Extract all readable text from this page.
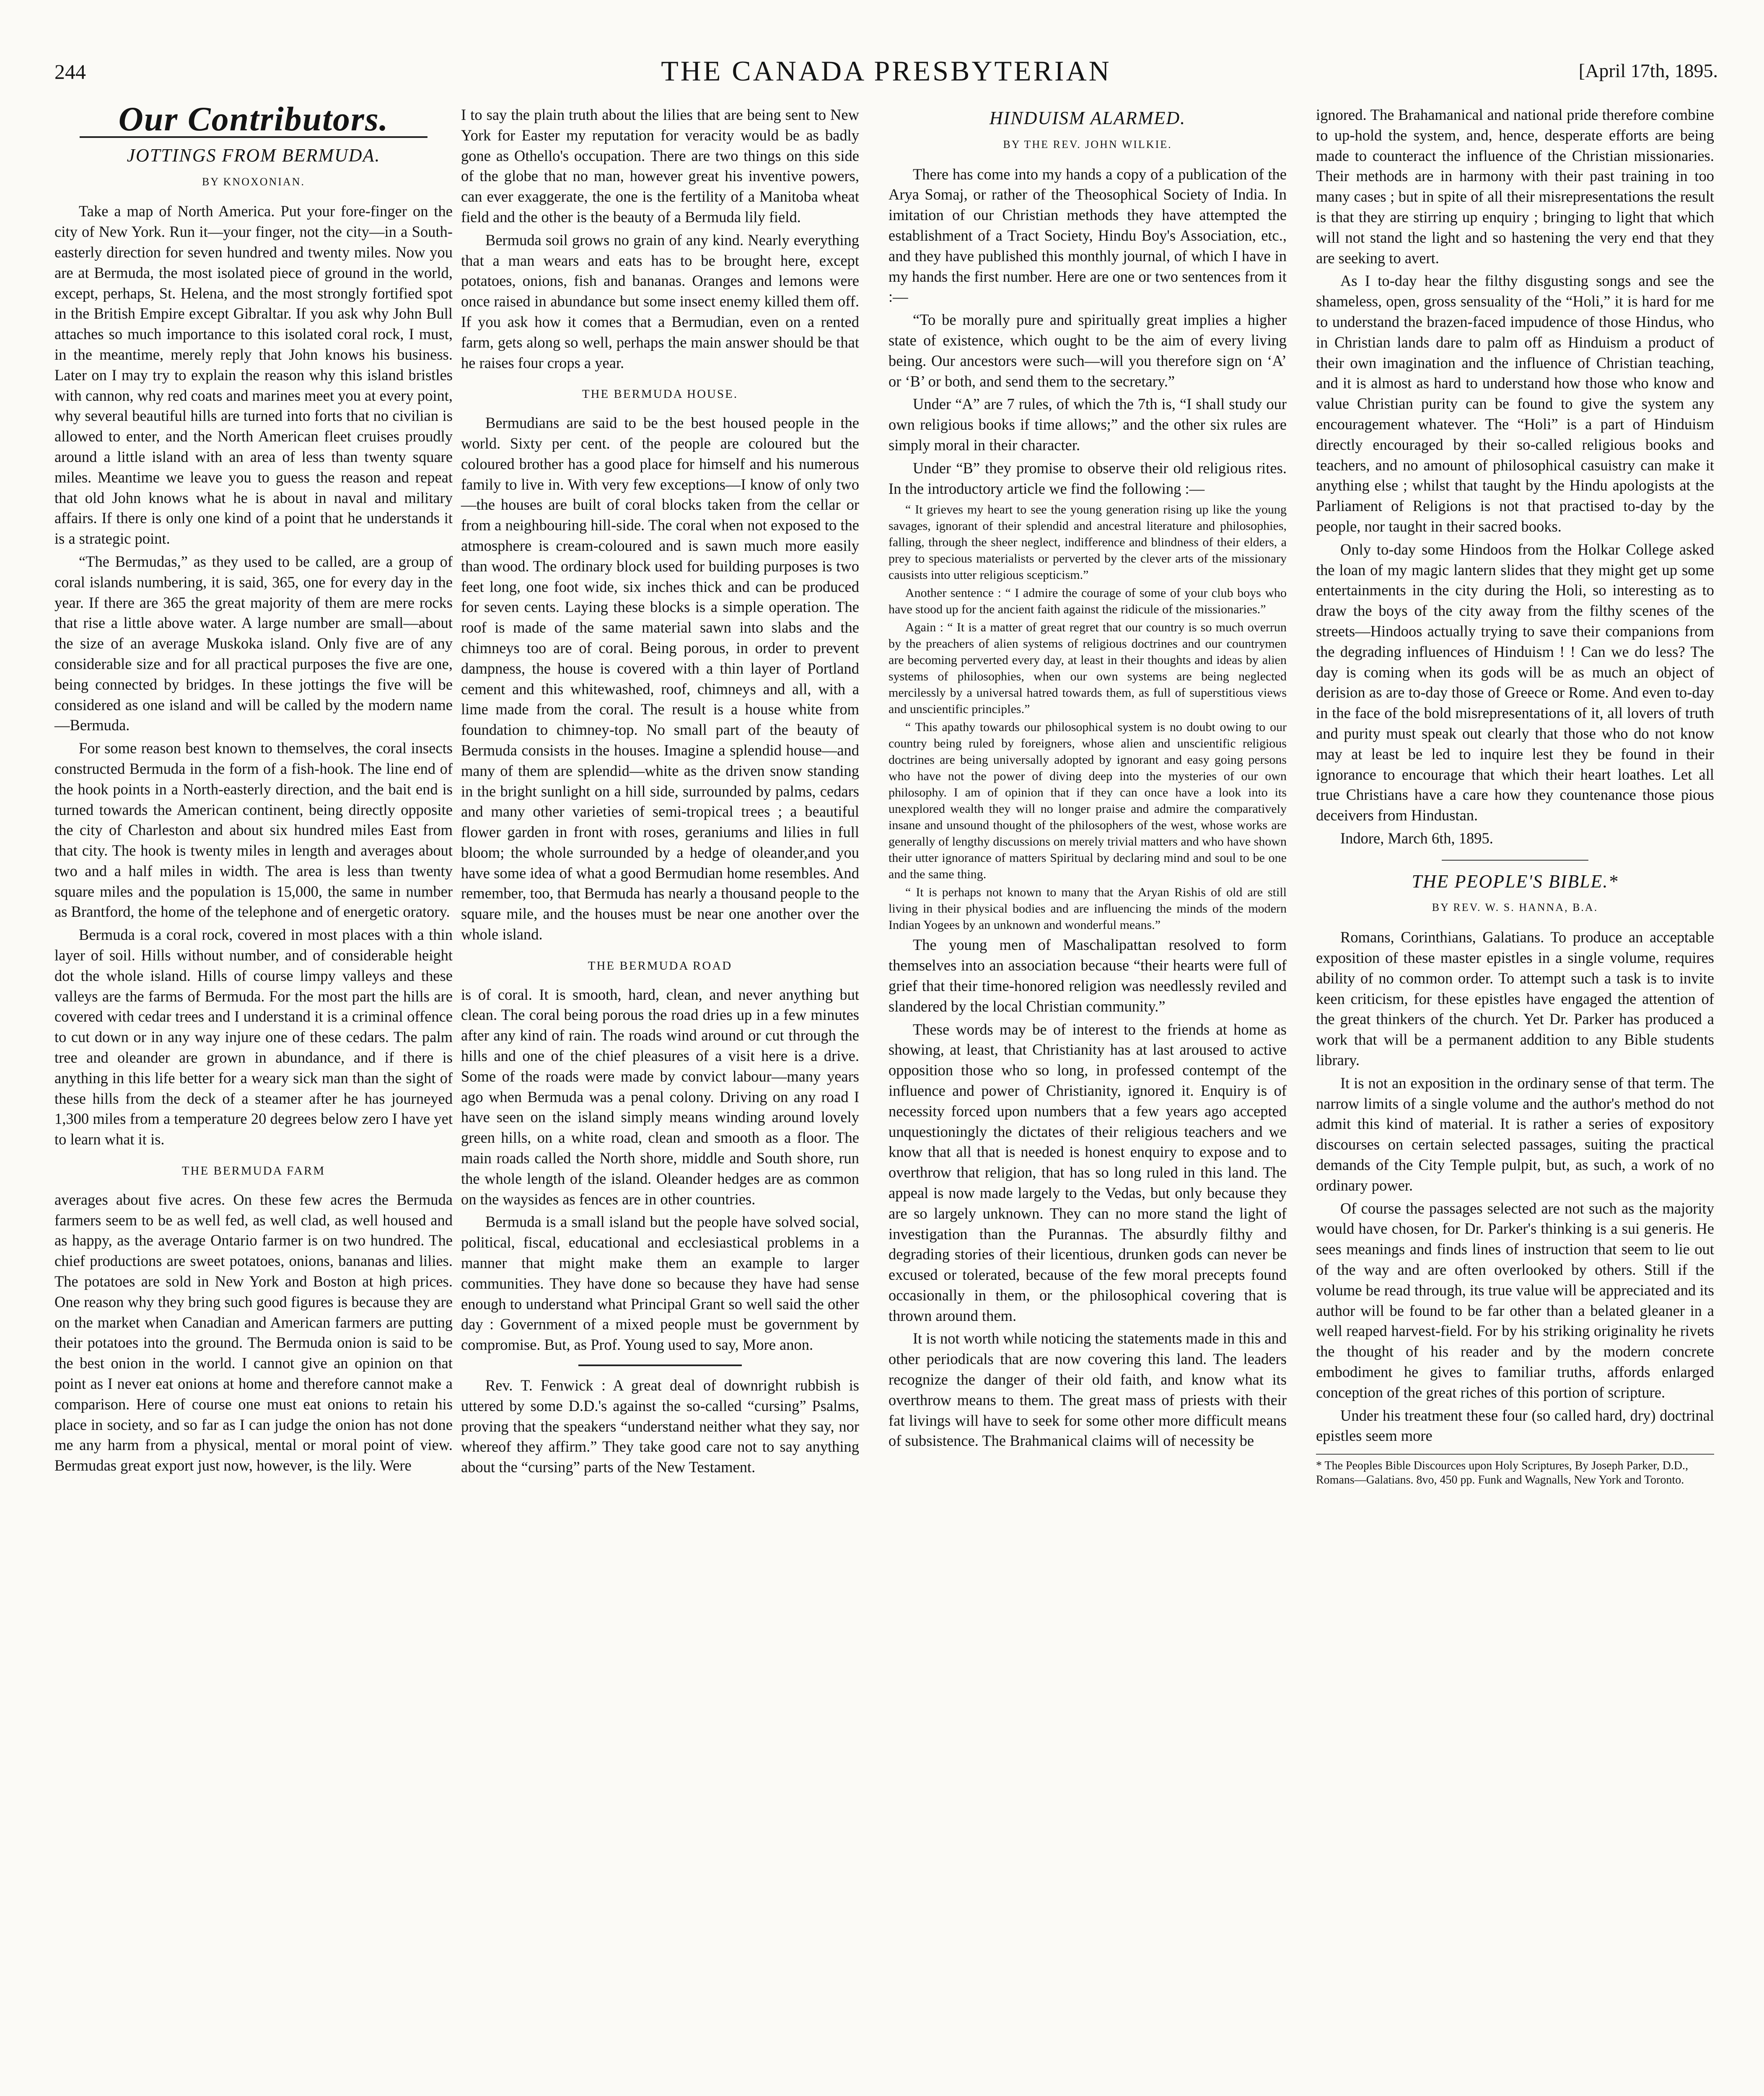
244	THE CANADA PRESBYTERIAN	[April 17th, 1895.
Our Contributors.
JOTTINGS FROM BERMUDA.
BY KNOXONIAN.

Take a map of North America. Put your fore-finger on the city of New York. Run it—your finger, not the city—in a South-easterly direction for seven hundred and twenty miles. Now you are at Bermuda, the most isolated piece of ground in the world, except, perhaps, St. Helena, and the most strongly fortified spot in the British Empire except Gibraltar. If you ask why John Bull attaches so much importance to this isolated coral rock, I must, in the meantime, merely reply that John knows his business. Later on I may try to explain the reason why this island bristles with cannon, why red coats and marines meet you at every point, why several beautiful hills are turned into forts that no civilian is allowed to enter, and the North American fleet cruises proudly around a little island with an area of less than twenty square miles. Meantime we leave you to guess the reason and repeat that old John knows what he is about in naval and military affairs. If there is only one kind of a point that he understands it is a strategic point.

“The Bermudas,” as they used to be called, are a group of coral islands numbering, it is said, 365, one for every day in the year. If there are 365 the great majority of them are mere rocks that rise a little above water. A large number are small—about the size of an average Muskoka island. Only five are of any considerable size and for all practical purposes the five are one, being connected by bridges. In these jottings the five will be considered as one island and will be called by the modern name—Bermuda.

For some reason best known to themselves, the coral insects constructed Bermuda in the form of a fish-hook. The line end of the hook points in a North-easterly direction, and the bait end is turned towards the American continent, being directly opposite the city of Charleston and about six hundred miles East from that city. The hook is twenty miles in length and averages about two and a half miles in width. The area is less than twenty square miles and the population is 15,000, the same in number as Brantford, the home of the telephone and of energetic oratory.

Bermuda is a coral rock, covered in most places with a thin layer of soil. Hills without number, and of considerable height dot the whole island. Hills of course limpy valleys and these valleys are the farms of Bermuda. For the most part the hills are covered with cedar trees and I understand it is a criminal offence to cut down or in any way injure one of these cedars. The palm tree and oleander are grown in abundance, and if there is anything in this life better for a weary sick man than the sight of these hills from the deck of a steamer after he has journeyed 1,300 miles from a temperature 20 degrees below zero I have yet to learn what it is.

THE BERMUDA FARM

averages about five acres. On these few acres the Bermuda farmers seem to be as well fed, as well clad, as well housed and as happy, as the average Ontario farmer is on two hundred. The chief productions are sweet potatoes, onions, bananas and lilies. The potatoes are sold in New York and Boston at high prices. One reason why they bring such good figures is because they are on the market when Canadian and American farmers are putting their potatoes into the ground. The Bermuda onion is said to be the best onion in the world. I cannot give an opinion on that point as I never eat onions at home and therefore cannot make a comparison. Here of course one must eat onions to retain his place in society, and so far as I can judge the onion has not done me any harm from a physical, mental or moral point of view. Bermudas great export just now, however, is the lily. Were

I to say the plain truth about the lilies that are being sent to New York for Easter my reputation for veracity would be as badly gone as Othello's occupation. There are two things on this side of the globe that no man, however great his inventive powers, can ever exaggerate, the one is the fertility of a Manitoba wheat field and the other is the beauty of a Bermuda lily field.

Bermuda soil grows no grain of any kind. Nearly everything that a man wears and eats has to be brought here, except potatoes, onions, fish and bananas. Oranges and lemons were once raised in abundance but some insect enemy killed them off. If you ask how it comes that a Bermudian, even on a rented farm, gets along so well, perhaps the main answer should be that he raises four crops a year.

THE BERMUDA HOUSE.

Bermudians are said to be the best housed people in the world. Sixty per cent. of the people are coloured but the coloured brother has a good place for himself and his numerous family to live in. With very few exceptions—I know of only two—the houses are built of coral blocks taken from the cellar or from a neighbouring hill-side. The coral when not exposed to the atmosphere is cream-coloured and is sawn much more easily than wood. The ordinary block used for building purposes is two feet long, one foot wide, six inches thick and can be produced for seven cents. Laying these blocks is a simple operation. The roof is made of the same material sawn into slabs and the chimneys too are of coral. Being porous, in order to prevent dampness, the house is covered with a thin layer of Portland cement and this whitewashed, roof, chimneys and all, with a lime made from the coral. The result is a house white from foundation to chimney-top. No small part of the beauty of Bermuda consists in the houses. Imagine a splendid house—and many of them are splendid—white as the driven snow standing in the bright sunlight on a hill side, surrounded by palms, cedars and many other varieties of semi-tropical trees ; a beautiful flower garden in front with roses, geraniums and lilies in full bloom; the whole surrounded by a hedge of oleander,and you have some idea of what a good Bermudian home resembles. And remember, too, that Bermuda has nearly a thousand people to the square mile, and the houses must be near one another over the whole island.

THE BERMUDA ROAD

is of coral. It is smooth, hard, clean, and never anything but clean. The coral being porous the road dries up in a few minutes after any kind of rain. The roads wind around or cut through the hills and one of the chief pleasures of a visit here is a drive. Some of the roads were made by convict labour—many years ago when Bermuda was a penal colony. Driving on any road I have seen on the island simply means winding around lovely green hills, on a white road, clean and smooth as a floor. The main roads called the North shore, middle and South shore, run the whole length of the island. Oleander hedges are as common on the waysides as fences are in other countries.

Bermuda is a small island but the people have solved social, political, fiscal, educational and ecclesiastical problems in a manner that might make them an example to larger communities. They have done so because they have had sense enough to understand what Principal Grant so well said the other day : Government of a mixed people must be government by compromise. But, as Prof. Young used to say, More anon.

Rev. T. Fenwick : A great deal of downright rubbish is uttered by some D.D.'s against the so-called “cursing” Psalms, proving that the speakers “understand neither what they say, nor whereof they affirm.” They take good care not to say anything about the “cursing” parts of the New Testament.

HINDUISM ALARMED.
BY THE REV. JOHN WILKIE.

There has come into my hands a copy of a publication of the Arya Somaj, or rather of the Theosophical Society of India. In imitation of our Christian methods they have attempted the establishment of a Tract Society, Hindu Boy's Association, etc., and they have published this monthly journal, of which I have in my hands the first number. Here are one or two sentences from it :—

“To be morally pure and spiritually great implies a higher state of existence, which ought to be the aim of every living being. Our ancestors were such—will you therefore sign on ‘A’ or ‘B’ or both, and send them to the secretary.”

Under “A” are 7 rules, of which the 7th is, “I shall study our own religious books if time allows;” and the other six rules are simply moral in their character.

Under “B” they promise to observe their old religious rites. In the introductory article we find the following :—

“ It grieves my heart to see the young generation rising up like the young savages, ignorant of their splendid and ancestral literature and philosophies, falling, through the sheer neglect, indifference and blindness of their elders, a prey to specious materialists or perverted by the clever arts of the missionary causists into utter religious scepticism.”

Another sentence : “ I admire the courage of some of your club boys who have stood up for the ancient faith against the ridicule of the missionaries.”

Again : “ It is a matter of great regret that our country is so much overrun by the preachers of alien systems of religious doctrines and our countrymen are becoming perverted every day, at least in their thoughts and ideas by alien systems of philosophies, when our own systems are being neglected mercilessly by a universal hatred towards them, as full of superstitious views and unscientific principles.”

“ This apathy towards our philosophical system is no doubt owing to our country being ruled by foreigners, whose alien and unscientific religious doctrines are being universally adopted by ignorant and easy going persons who have not the power of diving deep into the mysteries of our own philosophy. I am of opinion that if they can once have a look into its unexplored wealth they will no longer praise and admire the comparatively insane and unsound thought of the philosophers of the west, whose works are generally of lengthy discussions on merely trivial matters and who have shown their utter ignorance of matters Spiritual by declaring mind and soul to be one and the same thing.

“ It is perhaps not known to many that the Aryan Rishis of old are still living in their physical bodies and are influencing the minds of the modern Indian Yogees by an unknown and wonderful means.”

The young men of Maschalipattan resolved to form themselves into an association because “their hearts were full of grief that their time-honored religion was needlessly reviled and slandered by the local Christian community.”

These words may be of interest to the friends at home as showing, at least, that Christianity has at last aroused to active opposition those who so long, in professed contempt of the influence and power of Christianity, ignored it. Enquiry is of necessity forced upon numbers that a few years ago accepted unquestioningly the dictates of their religious teachers and we know that all that is needed is honest enquiry to expose and to overthrow that religion, that has so long ruled in this land. The appeal is now made largely to the Vedas, but only because they are so largely unknown. They can no more stand the light of investigation than the Purannas. The absurdly filthy and degrading stories of their licentious, drunken gods can never be excused or tolerated, because of the few moral precepts found occasionally in them, or the philosophical covering that is thrown around them.

It is not worth while noticing the statements made in this and other periodicals that are now covering this land. The leaders recognize the danger of their old faith, and know what its overthrow means to them. The great mass of priests with their fat livings will have to seek for some other more difficult means of subsistence. The Brahmanical claims will of necessity be

ignored. The Brahamanical and national pride therefore combine to up-hold the system, and, hence, desperate efforts are being made to counteract the influence of the Christian missionaries. Their methods are in harmony with their past training in too many cases ; but in spite of all their misrepresentations the result is that they are stirring up enquiry ; bringing to light that which will not stand the light and so hastening the very end that they are seeking to avert.

As I to-day hear the filthy disgusting songs and see the shameless, open, gross sensuality of the “Holi,” it is hard for me to understand the brazen-faced impudence of those Hindus, who in Christian lands dare to palm off as Hinduism a product of their own imagination and the influence of Christian teaching, and it is almost as hard to understand how those who know and value Christian purity can be found to give the system any encouragement whatever. The “Holi” is a part of Hinduism directly encouraged by their so-called religious books and teachers, and no amount of philosophical casuistry can make it anything else ; whilst that taught by the Hindu apologists at the Parliament of Religions is not that practised to-day by the people, nor taught in their sacred books.

Only to-day some Hindoos from the Holkar College asked the loan of my magic lantern slides that they might get up some entertainments in the city during the Holi, so interesting as to draw the boys of the city away from the filthy scenes of the streets—Hindoos actually trying to save their companions from the degrading influences of Hinduism ! ! Can we do less? The day is coming when its gods will be as much an object of derision as are to-day those of Greece or Rome. And even to-day in the face of the bold misrepresentations of it, all lovers of truth and purity must speak out clearly that those who do not know may at least be led to inquire lest they be found in their ignorance to encourage that which their heart loathes. Let all true Christians have a care how they countenance those pious deceivers from Hindustan.

Indore, March 6th, 1895.

THE PEOPLE'S BIBLE.*
BY REV. W. S. HANNA, B.A.

Romans, Corinthians, Galatians. To produce an acceptable exposition of these master epistles in a single volume, requires ability of no common order. To attempt such a task is to invite keen criticism, for these epistles have engaged the attention of the great thinkers of the church. Yet Dr. Parker has produced a work that will be a permanent addition to any Bible students library.

It is not an exposition in the ordinary sense of that term. The narrow limits of a single volume and the author's method do not admit this kind of material. It is rather a series of expository discourses on certain selected passages, suiting the practical demands of the City Temple pulpit, but, as such, a work of no ordinary power.

Of course the passages selected are not such as the majority would have chosen, for Dr. Parker's thinking is a sui generis. He sees meanings and finds lines of instruction that seem to lie out of the way and are often overlooked by others. Still if the volume be read through, its true value will be appreciated and its author will be found to be far other than a belated gleaner in a well reaped harvest-field. For by his striking originality he rivets the thought of his reader and by the modern concrete embodiment he gives to familiar truths, affords enlarged conception of the great riches of this portion of scripture.

Under his treatment these four (so called hard, dry) doctrinal epistles seem more

* The Peoples Bible Discources upon Holy Scriptures, By Joseph Parker, D.D., Romans—Galatians. 8vo, 450 pp. Funk and Wagnalls, New York and Toronto.
